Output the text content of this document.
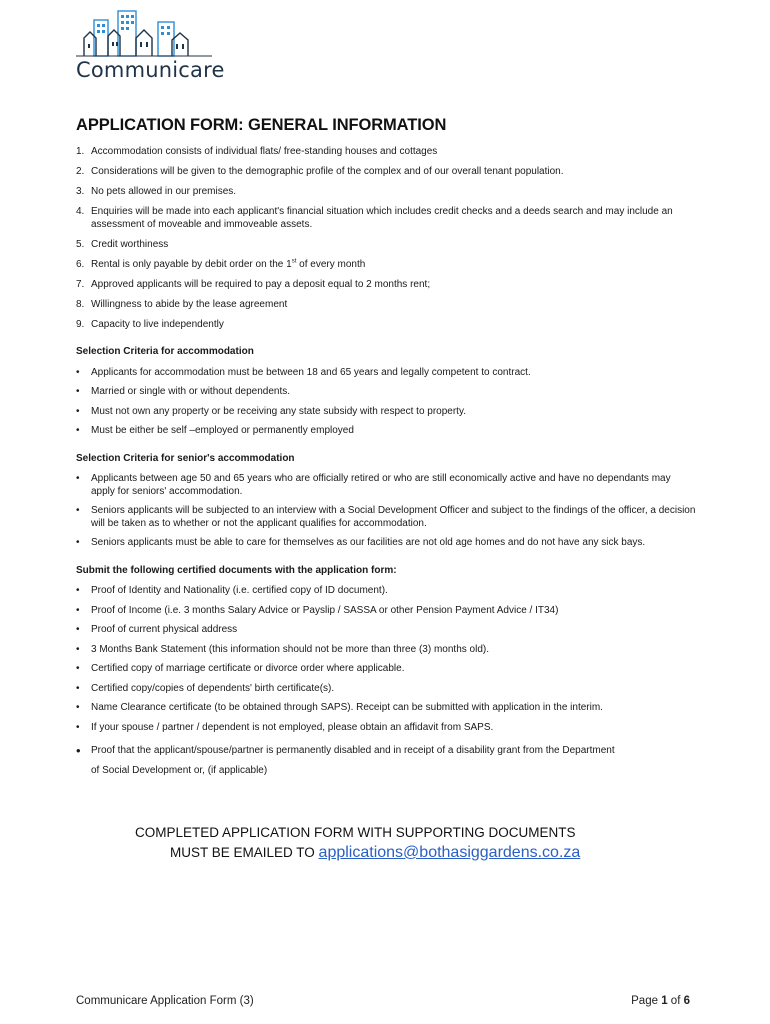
Communicare
APPLICATION FORM: GENERAL INFORMATION
1. Accommodation consists of individual flats/ free-standing houses and cottages
2. Considerations will be given to the demographic profile of the complex and of our overall tenant population.
3. No pets allowed in our premises.
4. Enquiries will be made into each applicant's financial situation which includes credit checks and a deeds search and may include an assessment of moveable and immoveable assets.
5. Credit worthiness
6. Rental is only payable by debit order on the 1st of every month
7. Approved applicants will be required to pay a deposit equal to 2 months rent;
8. Willingness to abide by the lease agreement
9. Capacity to live independently
Selection Criteria for accommodation
• Applicants for accommodation must be between 18 and 65 years and legally competent to contract.
• Married or single with or without dependents.
• Must not own any property or be receiving any state subsidy with respect to property.
• Must be either be self –employed or permanently employed
Selection Criteria for senior's accommodation
• Applicants between age 50 and 65 years who are officially retired or who are still economically active and have no dependants may apply for seniors' accommodation.
• Seniors applicants will be subjected to an interview with a Social Development Officer and subject to the findings of the officer, a decision will be taken as to whether or not the applicant qualifies for accommodation.
• Seniors applicants must be able to care for themselves as our facilities are not old age homes and do not have any sick bays.
Submit the following certified documents with the application form:
• Proof of Identity and Nationality (i.e. certified copy of ID document).
• Proof of Income (i.e. 3 months Salary Advice or Payslip / SASSA or other Pension Payment Advice / IT34)
• Proof of current physical address
• 3 Months Bank Statement (this information should not be more than three (3) months old).
• Certified copy of marriage certificate or divorce order where applicable.
• Certified copy/copies of dependents' birth certificate(s).
• Name Clearance certificate (to be obtained through SAPS). Receipt can be submitted with application in the interim.
• If your spouse / partner / dependent is not employed, please obtain an affidavit from SAPS.
• Proof that the applicant/spouse/partner is permanently disabled and in receipt of a disability grant from the Department
of Social Development or, (if applicable)
COMPLETED APPLICATION FORM WITH SUPPORTING DOCUMENTS
MUST BE EMAILED TO applications@bothasiggardens.co.za
Communicare Application Form (3)	Page 1 of 6
